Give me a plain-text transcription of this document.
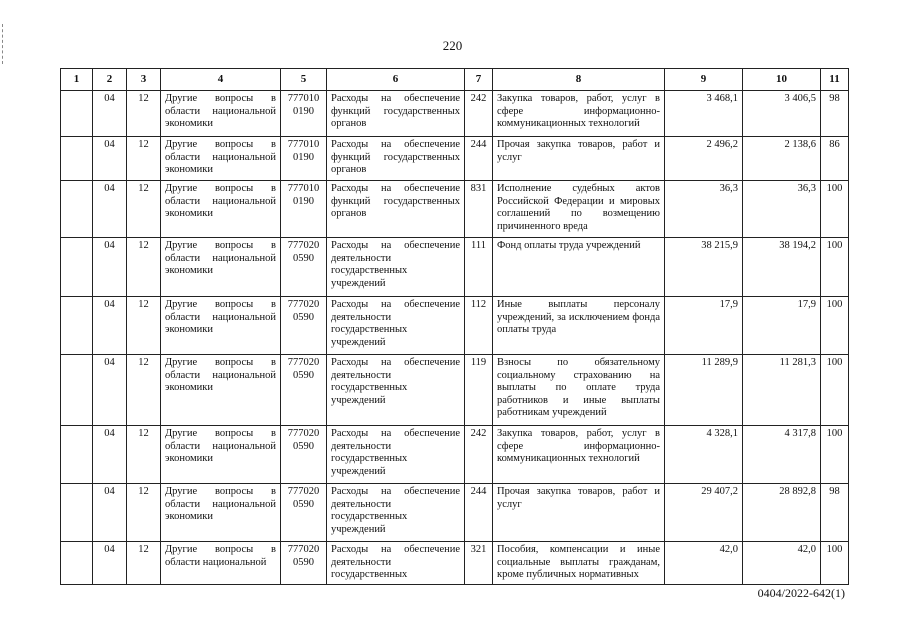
220
1	2	3	4	5	6	7	8	9	10	11
	04	12	Другие вопросы в области национальной экономики	777010 0190	Расходы на обеспечение функций государственных органов	242	Закупка товаров, работ, услуг в сфере информационно-коммуникационных технологий	3 468,1	3 406,5	98
	04	12	Другие вопросы в области национальной экономики	777010 0190	Расходы на обеспечение функций государственных органов	244	Прочая закупка товаров, работ и услуг	2 496,2	2 138,6	86
	04	12	Другие вопросы в области национальной экономики	777010 0190	Расходы на обеспечение функций государственных органов	831	Исполнение судебных актов Российской Федерации и мировых соглашений по возмещению причиненного вреда	36,3	36,3	100
	04	12	Другие вопросы в области национальной экономики	777020 0590	Расходы на обеспечение деятельности государственных учреждений	111	Фонд оплаты труда учреждений	38 215,9	38 194,2	100
	04	12	Другие вопросы в области национальной экономики	777020 0590	Расходы на обеспечение деятельности государственных учреждений	112	Иные выплаты персоналу учреждений, за исключением фонда оплаты труда	17,9	17,9	100
	04	12	Другие вопросы в области национальной экономики	777020 0590	Расходы на обеспечение деятельности государственных учреждений	119	Взносы по обязательному социальному страхованию на выплаты по оплате труда работников и иные выплаты работникам учреждений	11 289,9	11 281,3	100
	04	12	Другие вопросы в области национальной экономики	777020 0590	Расходы на обеспечение деятельности государственных учреждений	242	Закупка товаров, работ, услуг в сфере информационно-коммуникационных технологий	4 328,1	4 317,8	100
	04	12	Другие вопросы в области национальной экономики	777020 0590	Расходы на обеспечение деятельности государственных учреждений	244	Прочая закупка товаров, работ и услуг	29 407,2	28 892,8	98
	04	12	Другие вопросы в области национальной	777020 0590	Расходы на обеспечение деятельности государственных	321	Пособия, компенсации и иные социальные выплаты гражданам, кроме публичных нормативных	42,0	42,0	100
0404/2022-642(1)
